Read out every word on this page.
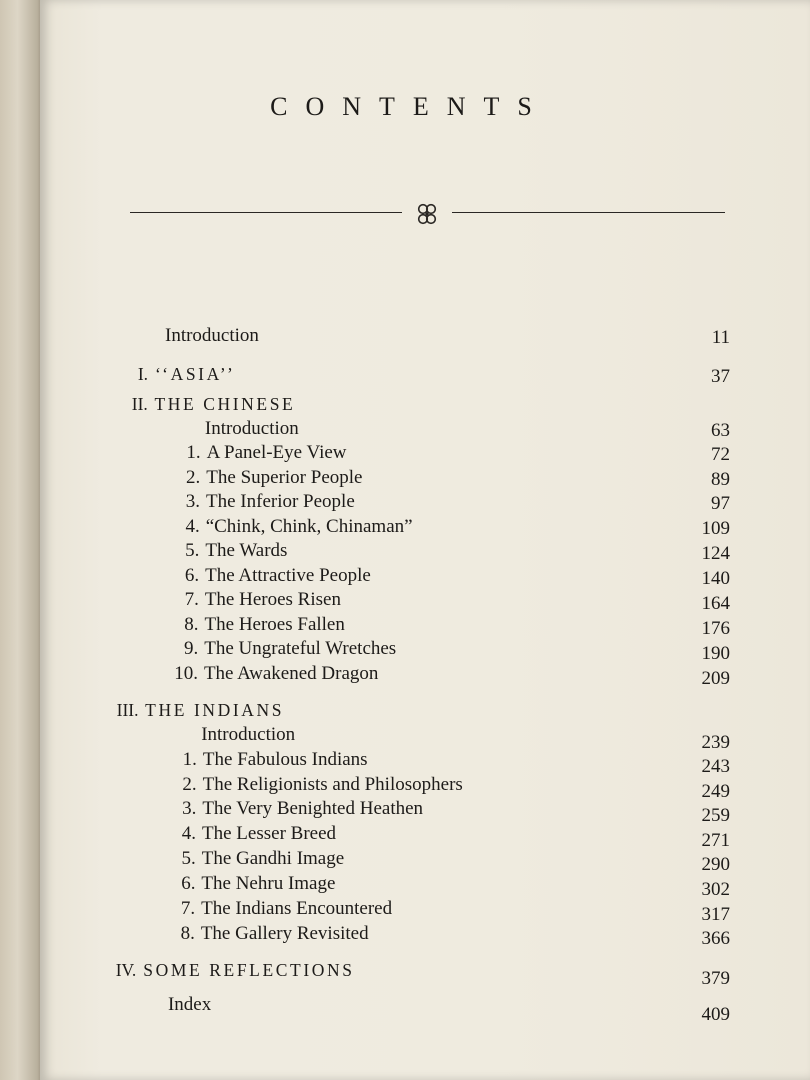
CONTENTS
Introduction	11
I. ‘‘ASIA’’	37
II. THE CHINESE
Introduction	63
1. A Panel-Eye View	72
2. The Superior People	89
3. The Inferior People	97
4. “Chink, Chink, Chinaman”	109
5. The Wards	124
6. The Attractive People	140
7. The Heroes Risen	164
8. The Heroes Fallen	176
9. The Ungrateful Wretches	190
10. The Awakened Dragon	209
III. THE INDIANS
Introduction	239
1. The Fabulous Indians	243
2. The Religionists and Philosophers	249
3. The Very Benighted Heathen	259
4. The Lesser Breed	271
5. The Gandhi Image	290
6. The Nehru Image	302
7. The Indians Encountered	317
8. The Gallery Revisited	366
IV. SOME REFLECTIONS	379
Index	409
